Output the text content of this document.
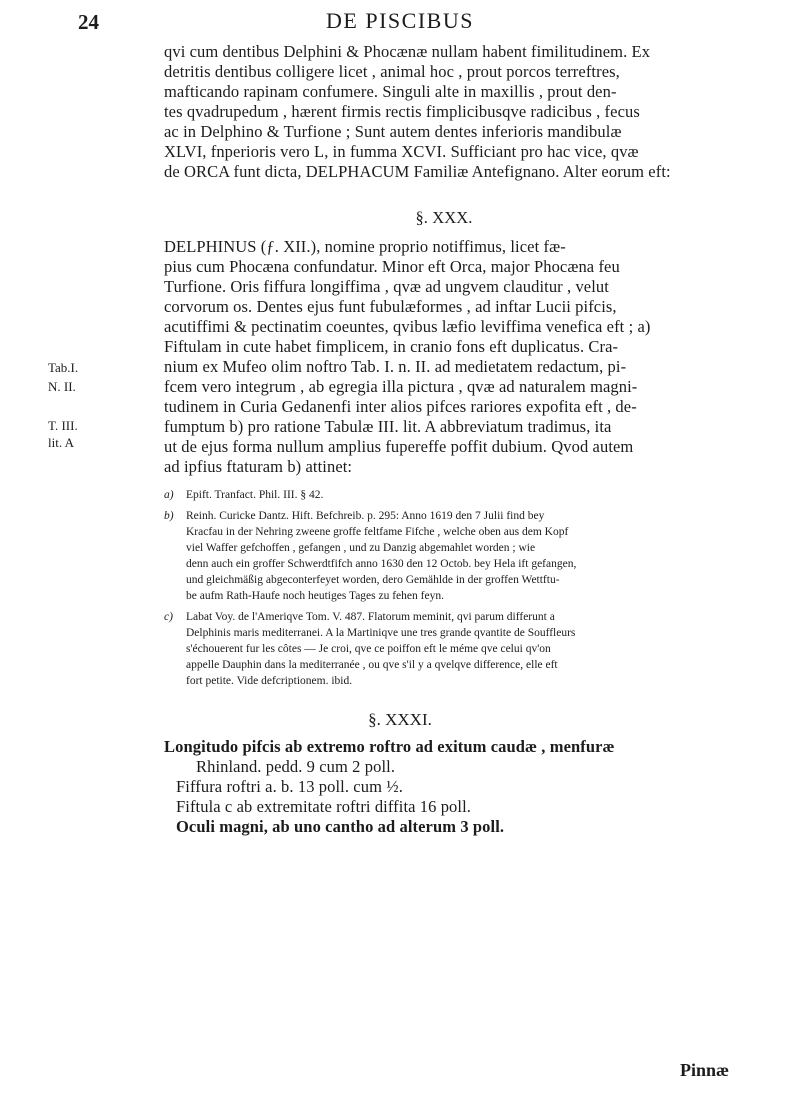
24	DE PISCIBUS
qvi cum dentibus Delphini & Phocænæ nullam habent fimilitudinem. Ex
detritis dentibus colligere licet , animal hoc , prout porcos terreftres,
mafticando rapinam confumere. Singuli alte in maxillis , prout den-
tes qvadrupedum , hærent firmis rectis fimplicibusqve radicibus , fecus
ac in Delphino & Turfione ; Sunt autem dentes inferioris mandibulæ
XLVI, fnperioris vero L, in fumma XCVI. Sufficiant pro hac vice, qvæ
de ORCA funt dicta, DELPHACUM Familiæ Antefignano. Alter eorum eft:
§. XXX.
DELPHINUS (ƒ. XII.), nomine proprio notiffimus, licet fæ-
pius cum Phocæna confundatur. Minor eft Orca, major Phocæna feu
Turfione. Oris fiffura longiffima , qvæ ad ungvem clauditur , velut
corvorum os. Dentes ejus funt fubulæformes , ad inftar Lucii pifcis,
acutiffimi & pectinatim coeuntes, qvibus læfio leviffima venefica eft ; a)
Fiftulam in cute habet fimplicem, in cranio fons eft duplicatus. Cra-
nium ex Mufeo olim noftro Tab. I. n. II. ad medietatem redactum, pi-
fcem vero integrum , ab egregia illa pictura , qvæ ad naturalem magni-
tudinem in Curia Gedanenfi inter alios pifces rariores expofita eft , de-
fumptum b) pro ratione Tabulæ III. lit. A abbreviatum tradimus, ita
ut de ejus forma nullum amplius fupereffe poffit dubium. Qvod autem
ad ipfius ftaturam b) attinet:
Tab.I.
N. II.
T. III.
lit. A
a) Epift. Tranfact. Phil. III. § 42.
b) Reinh. Curicke Dantz. Hift. Befchreib. p. 295: Anno 1619 den 7 Julii find bey
Kracfau in der Nehring zweene groffe feltfame Fifche , welche oben aus dem Kopf
viel Waffer gefchoffen , gefangen , und zu Danzig abgemahlet worden ; wie
denn auch ein groffer Schwerdtfifch anno 1630 den 12 Octob. bey Hela ift gefangen,
und gleichmäßig abgeconterfeyet worden, dero Gemählde in der groffen Wettftu-
be aufm Rath-Haufe noch heutiges Tages zu fehen feyn.
c) Labat Voy. de l'Ameriqve Tom. V. 487. Flatorum meminit, qvi parum differunt a
Delphinis maris mediterranei. A la Martiniqve une tres grande qvantite de Souffleurs
s'échouerent fur les côtes — Je croi, qve ce poiffon eft le méme qve celui qv'on
appelle Dauphin dans la mediterranée , ou qve s'il y a qvelqve difference, elle eft
fort petite. Vide defcriptionem. ibid.
§. XXXI.
Longitudo pifcis ab extremo roftro ad exitum caudæ , menfuræ
Rhinland. pedd. 9 cum 2 poll.
Fiffura roftri a. b. 13 poll. cum ½.
Fiftula c ab extremitate roftri diffita 16 poll.
Oculi magni, ab uno cantho ad alterum 3 poll.
Pinnæ
